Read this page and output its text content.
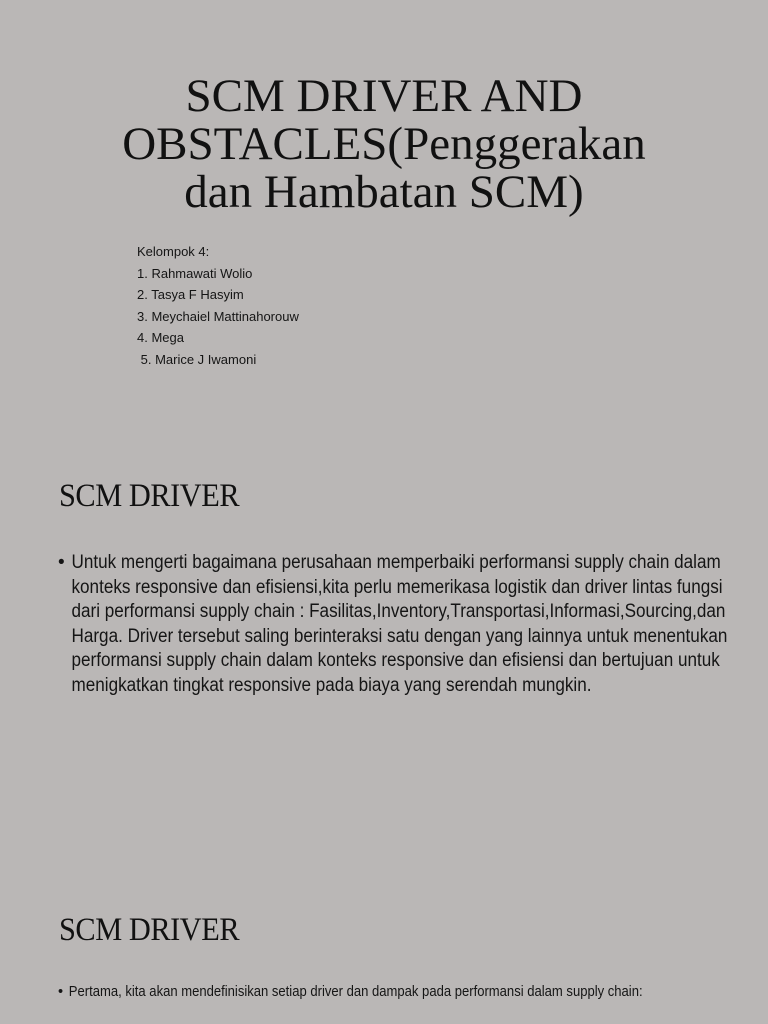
SCM DRIVER AND
OBSTACLES(Penggerakan
dan Hambatan SCM)
Kelompok 4:
1. Rahmawati Wolio
2. Tasya F Hasyim
3. Meychaiel Mattinahorouw
4. Mega
5. Marice J Iwamoni
SCM DRIVER
• Untuk mengerti bagaimana perusahaan memperbaiki performansi supply chain dalam konteks responsive dan efisiensi,kita perlu memerikasa logistik dan driver lintas fungsi dari performansi supply chain : Fasilitas,Inventory,Transportasi,Informasi,Sourcing,dan Harga. Driver tersebut saling berinteraksi satu dengan yang lainnya untuk menentukan performansi supply chain dalam konteks responsive dan efisiensi dan bertujuan untuk menigkatkan tingkat responsive pada biaya yang serendah mungkin.
SCM DRIVER
• Pertama, kita akan mendefinisikan setiap driver dan dampak pada performansi dalam supply chain:
